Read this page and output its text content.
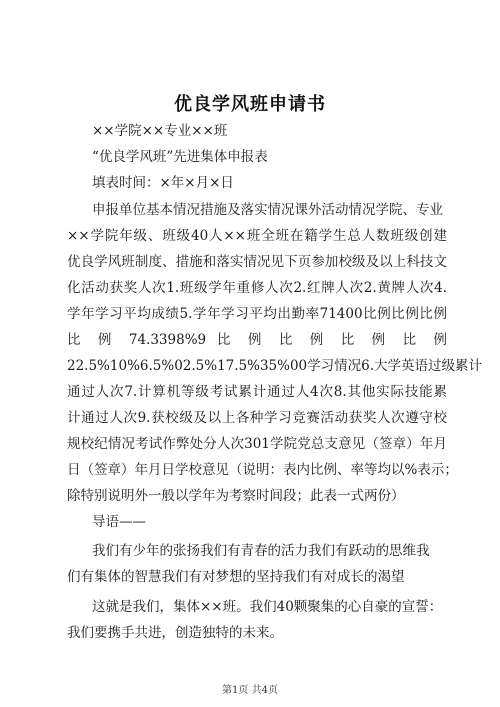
优良学风班申请书
××学院××专业××班
“优良学风班”先进集体申报表
填表时间：×年×月×日
申报单位基本情况措施及落实情况课外活动情况学院、专业
××学院年级、班级40人××班全班在籍学生总人数班级创建
优良学风班制度、措施和落实情况见下页参加校级及以上科技文
化活动获奖人次1.班级学年重修人次2.红牌人次2.黄牌人次4.
学年学习平均成绩5.学年学习平均出勤率71400比例比例比例
比 例 74.3398%9 比 例 比 例 比 例 比 例
22.5%10%6.5%02.5%17.5%35%00学习情况6.大学英语过级累计
通过人次7.计算机等级考试累计通过人4次8.其他实际技能累
计通过人次9.获校级及以上各种学习竞赛活动获奖人次遵守校
规校纪情况考试作弊处分人次301学院党总支意见（签章）年月
日（签章）年月日学校意见（说明：表内比例、率等均以%表示；
除特别说明外一般以学年为考察时间段；此表一式两份）
导语——
我们有少年的张扬我们有青春的活力我们有跃动的思维我
们有集体的智慧我们有对梦想的坚持我们有对成长的渴望
这就是我们，集体××班。我们40颗聚集的心自豪的宣誓：
我们要携手共进，创造独特的未来。
第1页 共4页
